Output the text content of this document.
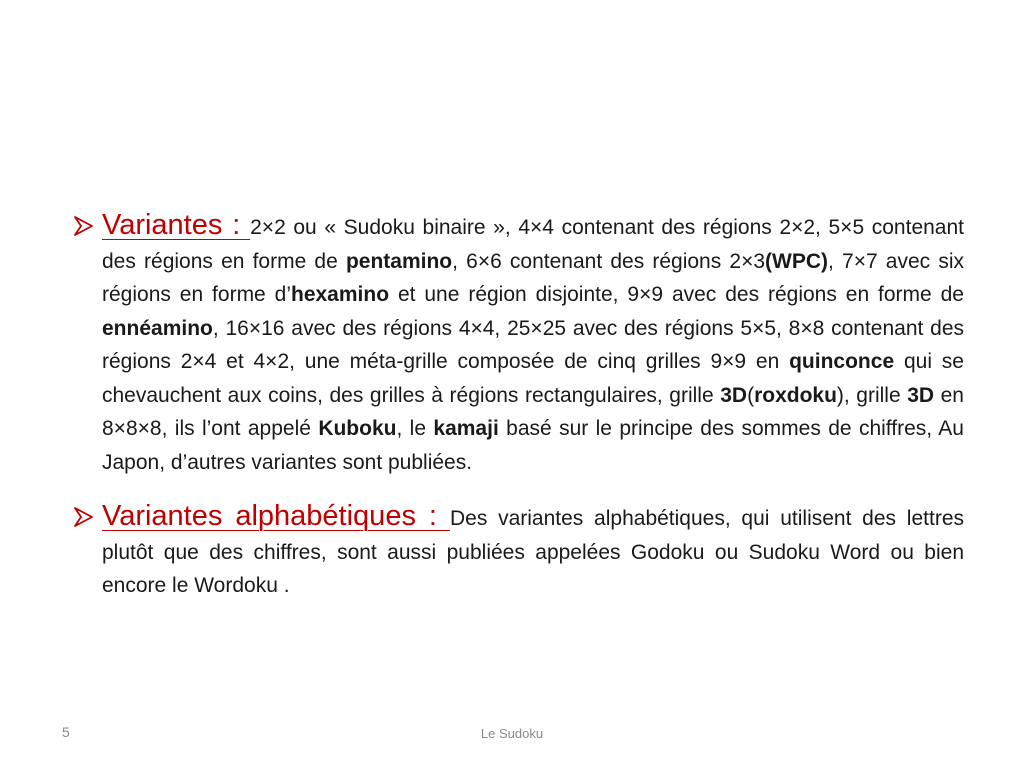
Variantes : 2×2 ou « Sudoku binaire », 4×4 contenant des régions 2×2, 5×5 contenant des régions en forme de pentamino, 6×6 contenant des régions 2×3(WPC), 7×7 avec six régions en forme d’hexamino et une région disjointe, 9×9 avec des régions en forme de ennéamino, 16×16 avec des régions 4×4, 25×25 avec des régions 5×5, 8×8 contenant des régions 2×4 et 4×2, une méta-grille composée de cinq grilles 9×9 en quinconce qui se chevauchent aux coins, des grilles à régions rectangulaires, grille 3D(roxdoku), grille 3D en 8×8×8, ils l’ont appelé Kuboku, le kamaji basé sur le principe des sommes de chiffres, Au Japon, d’autres variantes sont publiées.

Variantes alphabétiques : Des variantes alphabétiques, qui utilisent des lettres plutôt que des chiffres, sont aussi publiées appelées Godoku ou Sudoku Word ou bien encore le Wordoku .

5	Le Sudoku
